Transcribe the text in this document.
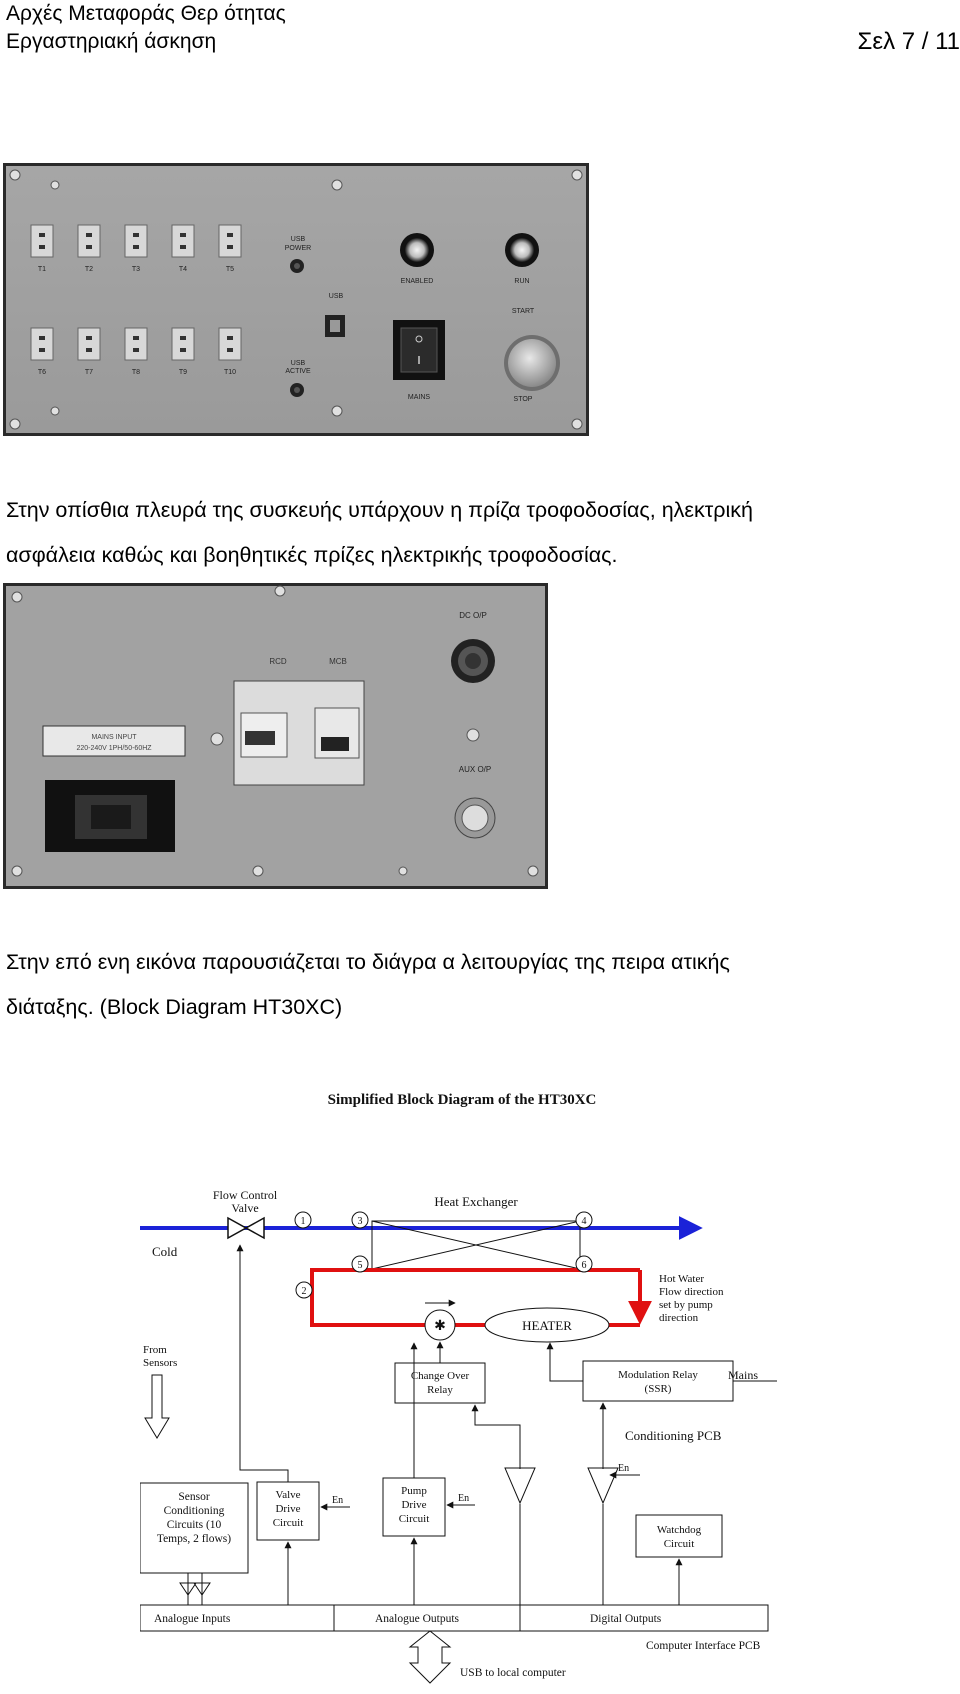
Αρχές Μεταφοράς Θερ ότητας
Εργαστηριακή άσκηση	Σελ 7 / 11
T1	T2	T3	T4	T5
T6	T7	T8	T9	T10
USB
POWER
USB
USB
ACTIVE
ENABLED	RUN
START
MAINS	STOP
Στην οπίσθια πλευρά της συσκευής υπάρχουν η πρίζα τροφοδοσίας, ηλεκτρική
ασφάλεια καθώς και βοηθητικές πρίζες ηλεκτρικής τροφοδοσίας.
DC O/P
RCD	MCB
MAINS INPUT
220-240V 1PH/50-60HZ
AUX O/P
Στην επό ενη εικόνα παρουσιάζεται το διάγρα α λειτουργίας της πειρα ατικής
διάταξης. (Block Diagram HT30XC)
Simplified Block Diagram of the HT30XC
Cold
Flow Control
Valve	Heat Exchanger
Hot Water
Flow direction
set by pump
direction
1
2
3	4
5	6
✱	HEATER
Change Over
Relay
Modulation Relay
(SSR)
Mains
Conditioning PCB
From
Sensors
Sensor
Conditioning
Circuits (10
Temps, 2 flows)
Valve
Drive
Circuit
En
Pump
Drive
Circuit
En
En
Watchdog
Circuit
Analogue Inputs	Analogue Outputs	Digital Outputs
Computer Interface PCB
USB to local computer
